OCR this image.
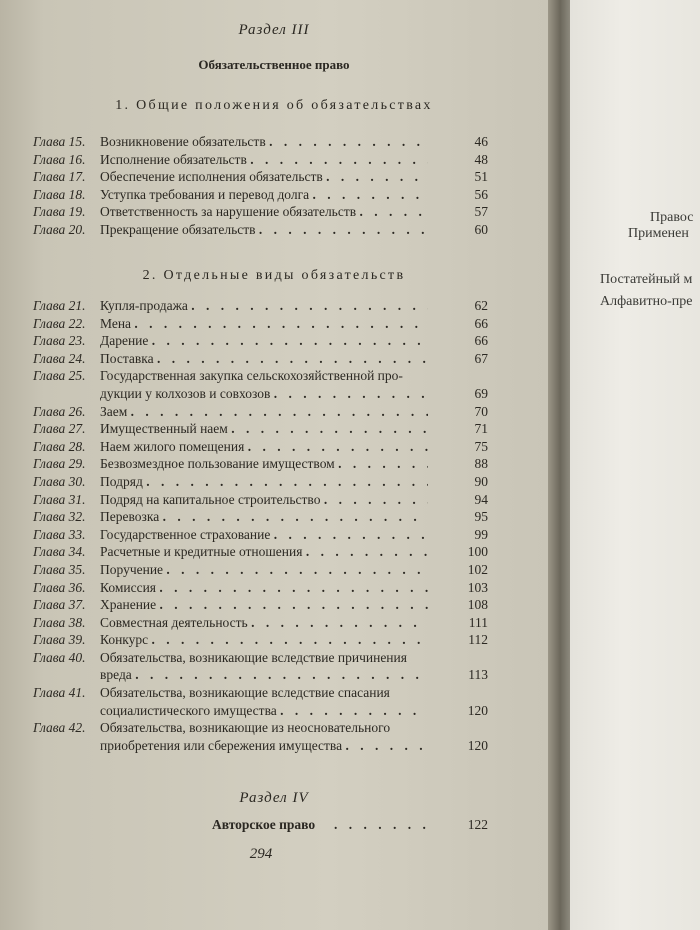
Раздел III
Обязательственное право
1. Общие положения об обязательствах
Глава 15.	Возникновение обязательств . . .	46
Глава 16.	Исполнение обязательств . . .	48
Глава 17.	Обеспечение исполнения обязательств . . .	51
Глава 18.	Уступка требования и перевод долга . . .	56
Глава 19.	Ответственность за нарушение обязательств . . .	57
Глава 20.	Прекращение обязательств . . .	60
2. Отдельные виды обязательств
Глава 21.	Купля-продажа . . .	62
Глава 22.	Мена . . .	66
Глава 23.	Дарение . . .	66
Глава 24.	Поставка . . .	67
Глава 25.	Государственная закупка сельскохозяйственной про-
дукции у колхозов и совхозов . . .	69
Глава 26.	Заем . . .	70
Глава 27.	Имущественный наем . . .	71
Глава 28.	Наем жилого помещения . . .	75
Глава 29.	Безвозмездное пользование имуществом . . .	88
Глава 30.	Подряд . . .	90
Глава 31.	Подряд на капитальное строительство . . .	94
Глава 32.	Перевозка . . .	95
Глава 33.	Государственное страхование . . .	99
Глава 34.	Расчетные и кредитные отношения . . .	100
Глава 35.	Поручение . . .	102
Глава 36.	Комиссия . . .	103
Глава 37.	Хранение . . .	108
Глава 38.	Совместная деятельность . . .	111
Глава 39.	Конкурс . . .	112
Глава 40.	Обязательства, возникающие вследствие причинения
вреда . . .	113
Глава 41.	Обязательства, возникающие вследствие спасания
социалистического имущества . . .	120
Глава 42.	Обязательства, возникающие из неосновательного
приобретения или сбережения имущества . . .	120
Раздел IV
Авторское право . . . . . . .	122
294
Правос
Применен
Постатейный м
Алфавитно-пре
